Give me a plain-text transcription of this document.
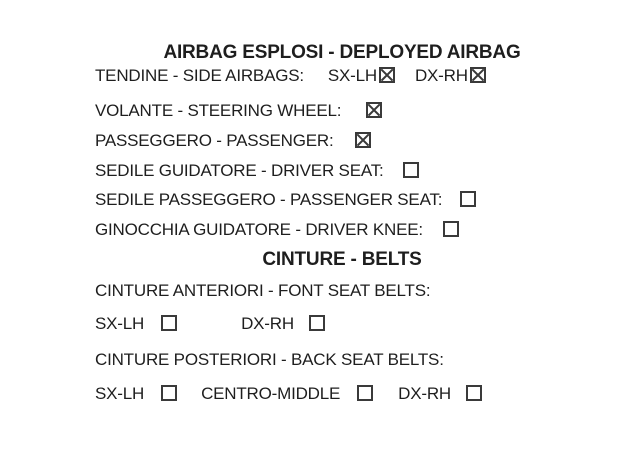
AIRBAG ESPLOSI - DEPLOYED AIRBAG
TENDINE - SIDE AIRBAGS: SX-LH DX-RH
VOLANTE - STEERING WHEEL:
PASSEGGERO - PASSENGER:
SEDILE GUIDATORE - DRIVER SEAT:
SEDILE PASSEGGERO - PASSENGER SEAT:
GINOCCHIA GUIDATORE - DRIVER KNEE:
CINTURE - BELTS
CINTURE ANTERIORI - FONT SEAT BELTS:
SX-LH	DX-RH
CINTURE POSTERIORI - BACK SEAT BELTS:
SX-LH	CENTRO-MIDDLE	DX-RH
